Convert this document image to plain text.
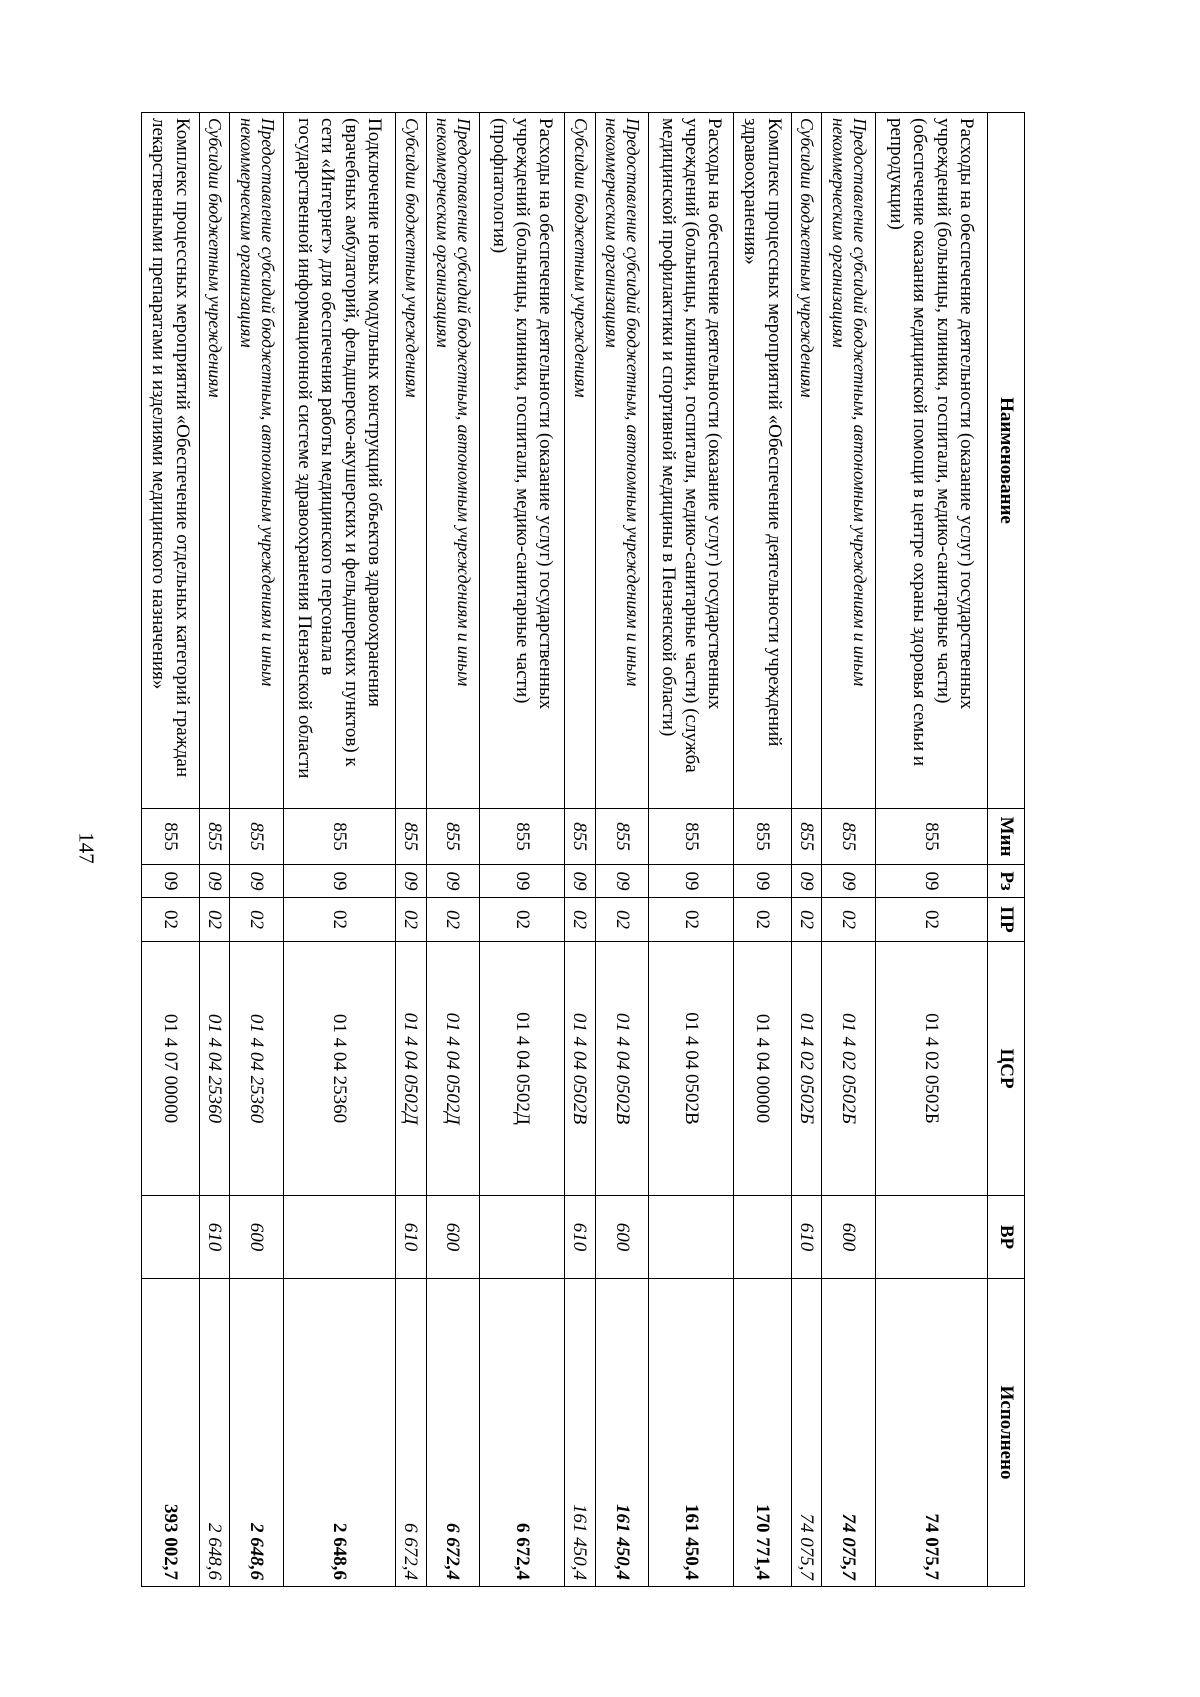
147
Наименование	Мин	Рз	ПР	ЦСР	ВР	Исполнено
Расходы на обеспечение деятельности (оказание услуг) государственных учреждений (больницы, клиники, госпитали, медико-санитарные части) (обеспечение оказания медицинской помощи в центре охраны здоровья семьи и репродукции)	855	09	02	01 4 02 0502Б		74 075,7
Предоставление субсидий бюджетным, автономным учреждениям и иным некоммерческим организациям	855	09	02	01 4 02 0502Б	600	74 075,7
Субсидии бюджетным учреждениям	855	09	02	01 4 02 0502Б	610	74 075,7
Комплекс процессных мероприятий «Обеспечение деятельности учреждений здравоохранения»	855	09	02	01 4 04 00000		170 771,4
Расходы на обеспечение деятельности (оказание услуг) государственных учреждений (больницы, клиники, госпитали, медико-санитарные части) (служба медицинской профилактики и спортивной медицины в Пензенской области)	855	09	02	01 4 04 0502В		161 450,4
Предоставление субсидий бюджетным, автономным учреждениям и иным некоммерческим организациям	855	09	02	01 4 04 0502В	600	161 450,4
Субсидии бюджетным учреждениям	855	09	02	01 4 04 0502В	610	161 450,4
Расходы на обеспечение деятельности (оказание услуг) государственных учреждений (больницы, клиники, госпитали, медико-санитарные части) (профпатология)	855	09	02	01 4 04 0502Д		6 672,4
Предоставление субсидий бюджетным, автономным учреждениям и иным некоммерческим организациям	855	09	02	01 4 04 0502Д	600	6 672,4
Субсидии бюджетным учреждениям	855	09	02	01 4 04 0502Д	610	6 672,4
Подключение новых модульных конструкций объектов здравоохранения (врачебных амбулаторий, фельдшерско-акушерских и фельдшерских пунктов) к сети «Интернет» для обеспечения работы медицинского персонала в государственной информационной системе здравоохранения Пензенской области	855	09	02	01 4 04 25360		2 648,6
Предоставление субсидий бюджетным, автономным учреждениям и иным некоммерческим организациям	855	09	02	01 4 04 25360	600	2 648,6
Субсидии бюджетным учреждениям	855	09	02	01 4 04 25360	610	2 648,6
Комплекс процессных мероприятий «Обеспечение отдельных категорий граждан лекарственными препаратами и изделиями медицинского назначения»	855	09	02	01 4 07 00000		393 002,7
